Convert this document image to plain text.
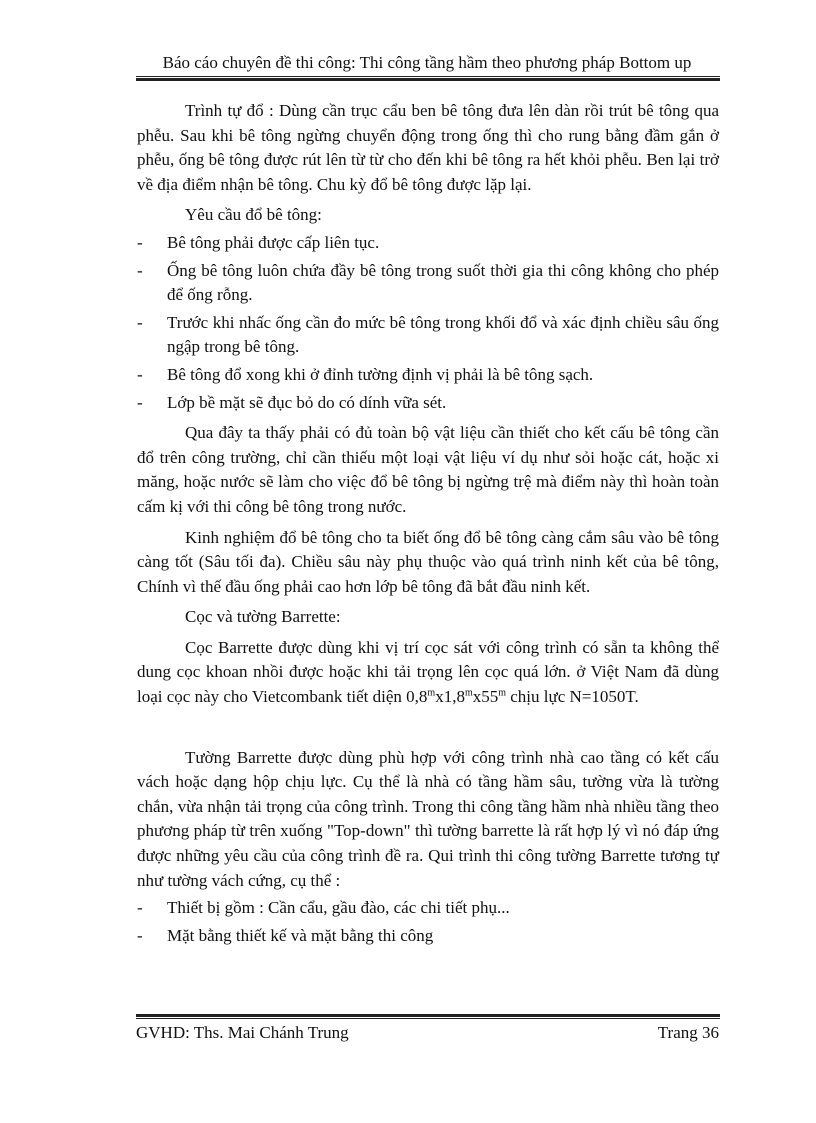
Báo cáo chuyên đề thi công: Thi công tầng hầm theo phương pháp Bottom up

Trình tự đổ : Dùng cần trục cẩu ben bê tông đưa lên dàn rồi trút bê tông qua phễu. Sau khi bê tông ngừng chuyển động trong ống thì cho rung bằng đầm gắn ở phễu, ống bê tông được rút lên từ từ cho đến khi bê tông ra hết khỏi phễu. Ben lại trở về địa điểm nhận bê tông. Chu kỳ đổ bê tông được lặp lại.

Yêu cầu đổ bê tông:

- Bê tông phải được cấp liên tục.

- Ống bê tông luôn chứa đầy bê tông trong suốt thời gia thi công không cho phép để ống rỗng.

- Trước khi nhấc ống cần đo mức bê tông trong khối đổ và xác định chiều sâu ống ngập trong bê tông.

- Bê tông đổ xong khi ở đỉnh tường định vị phải là bê tông sạch.

- Lớp bề mặt sẽ đục bỏ do có dính vữa sét.

Qua đây ta thấy phải có đủ toàn bộ vật liệu cần thiết cho kết cấu bê tông cần đổ trên công trường, chỉ cần thiếu một loại vật liệu ví dụ như sỏi hoặc cát, hoặc xi măng, hoặc nước sẽ làm cho việc đổ bê tông bị ngừng trệ mà điểm này thì hoàn toàn cấm kị với thi công bê tông trong nước.

Kinh nghiệm đổ bê tông cho ta biết ống đổ bê tông càng cắm sâu vào bê tông càng tốt (Sâu tối đa). Chiều sâu này phụ thuộc vào quá trình ninh kết của bê tông, Chính vì thế đầu ống phải cao hơn lớp bê tông đã bắt đầu ninh kết.

Cọc và tường Barrette:

Cọc Barrette được dùng khi vị trí cọc sát với công trình có sẵn ta không thể dung cọc khoan nhồi được hoặc khi tải trọng lên cọc quá lớn. ở Việt Nam đã dùng loại cọc này cho Vietcombank tiết diện 0,8$^m$x1,8$^m$x55$^m$ chịu lực N=1050T.

Tường Barrette được dùng phù hợp với công trình nhà cao tầng có kết cấu vách hoặc dạng hộp chịu lực. Cụ thể là nhà có tầng hầm sâu, tường vừa là tường chắn, vừa nhận tải trọng của công trình. Trong thi công tầng hầm nhà nhiều tầng theo phương pháp từ trên xuống "Top-down" thì tường barrette là rất hợp lý vì nó đáp ứng được những yêu cầu của công trình đề ra. Qui trình thi công tường Barrette tương tự như tường vách cứng, cụ thể :

- Thiết bị gồm : Cần cẩu, gầu đào, các chi tiết phụ...

- Mặt bằng thiết kế và mặt bằng thi công

GVHD: Ths. Mai Chánh Trung	Trang 36
